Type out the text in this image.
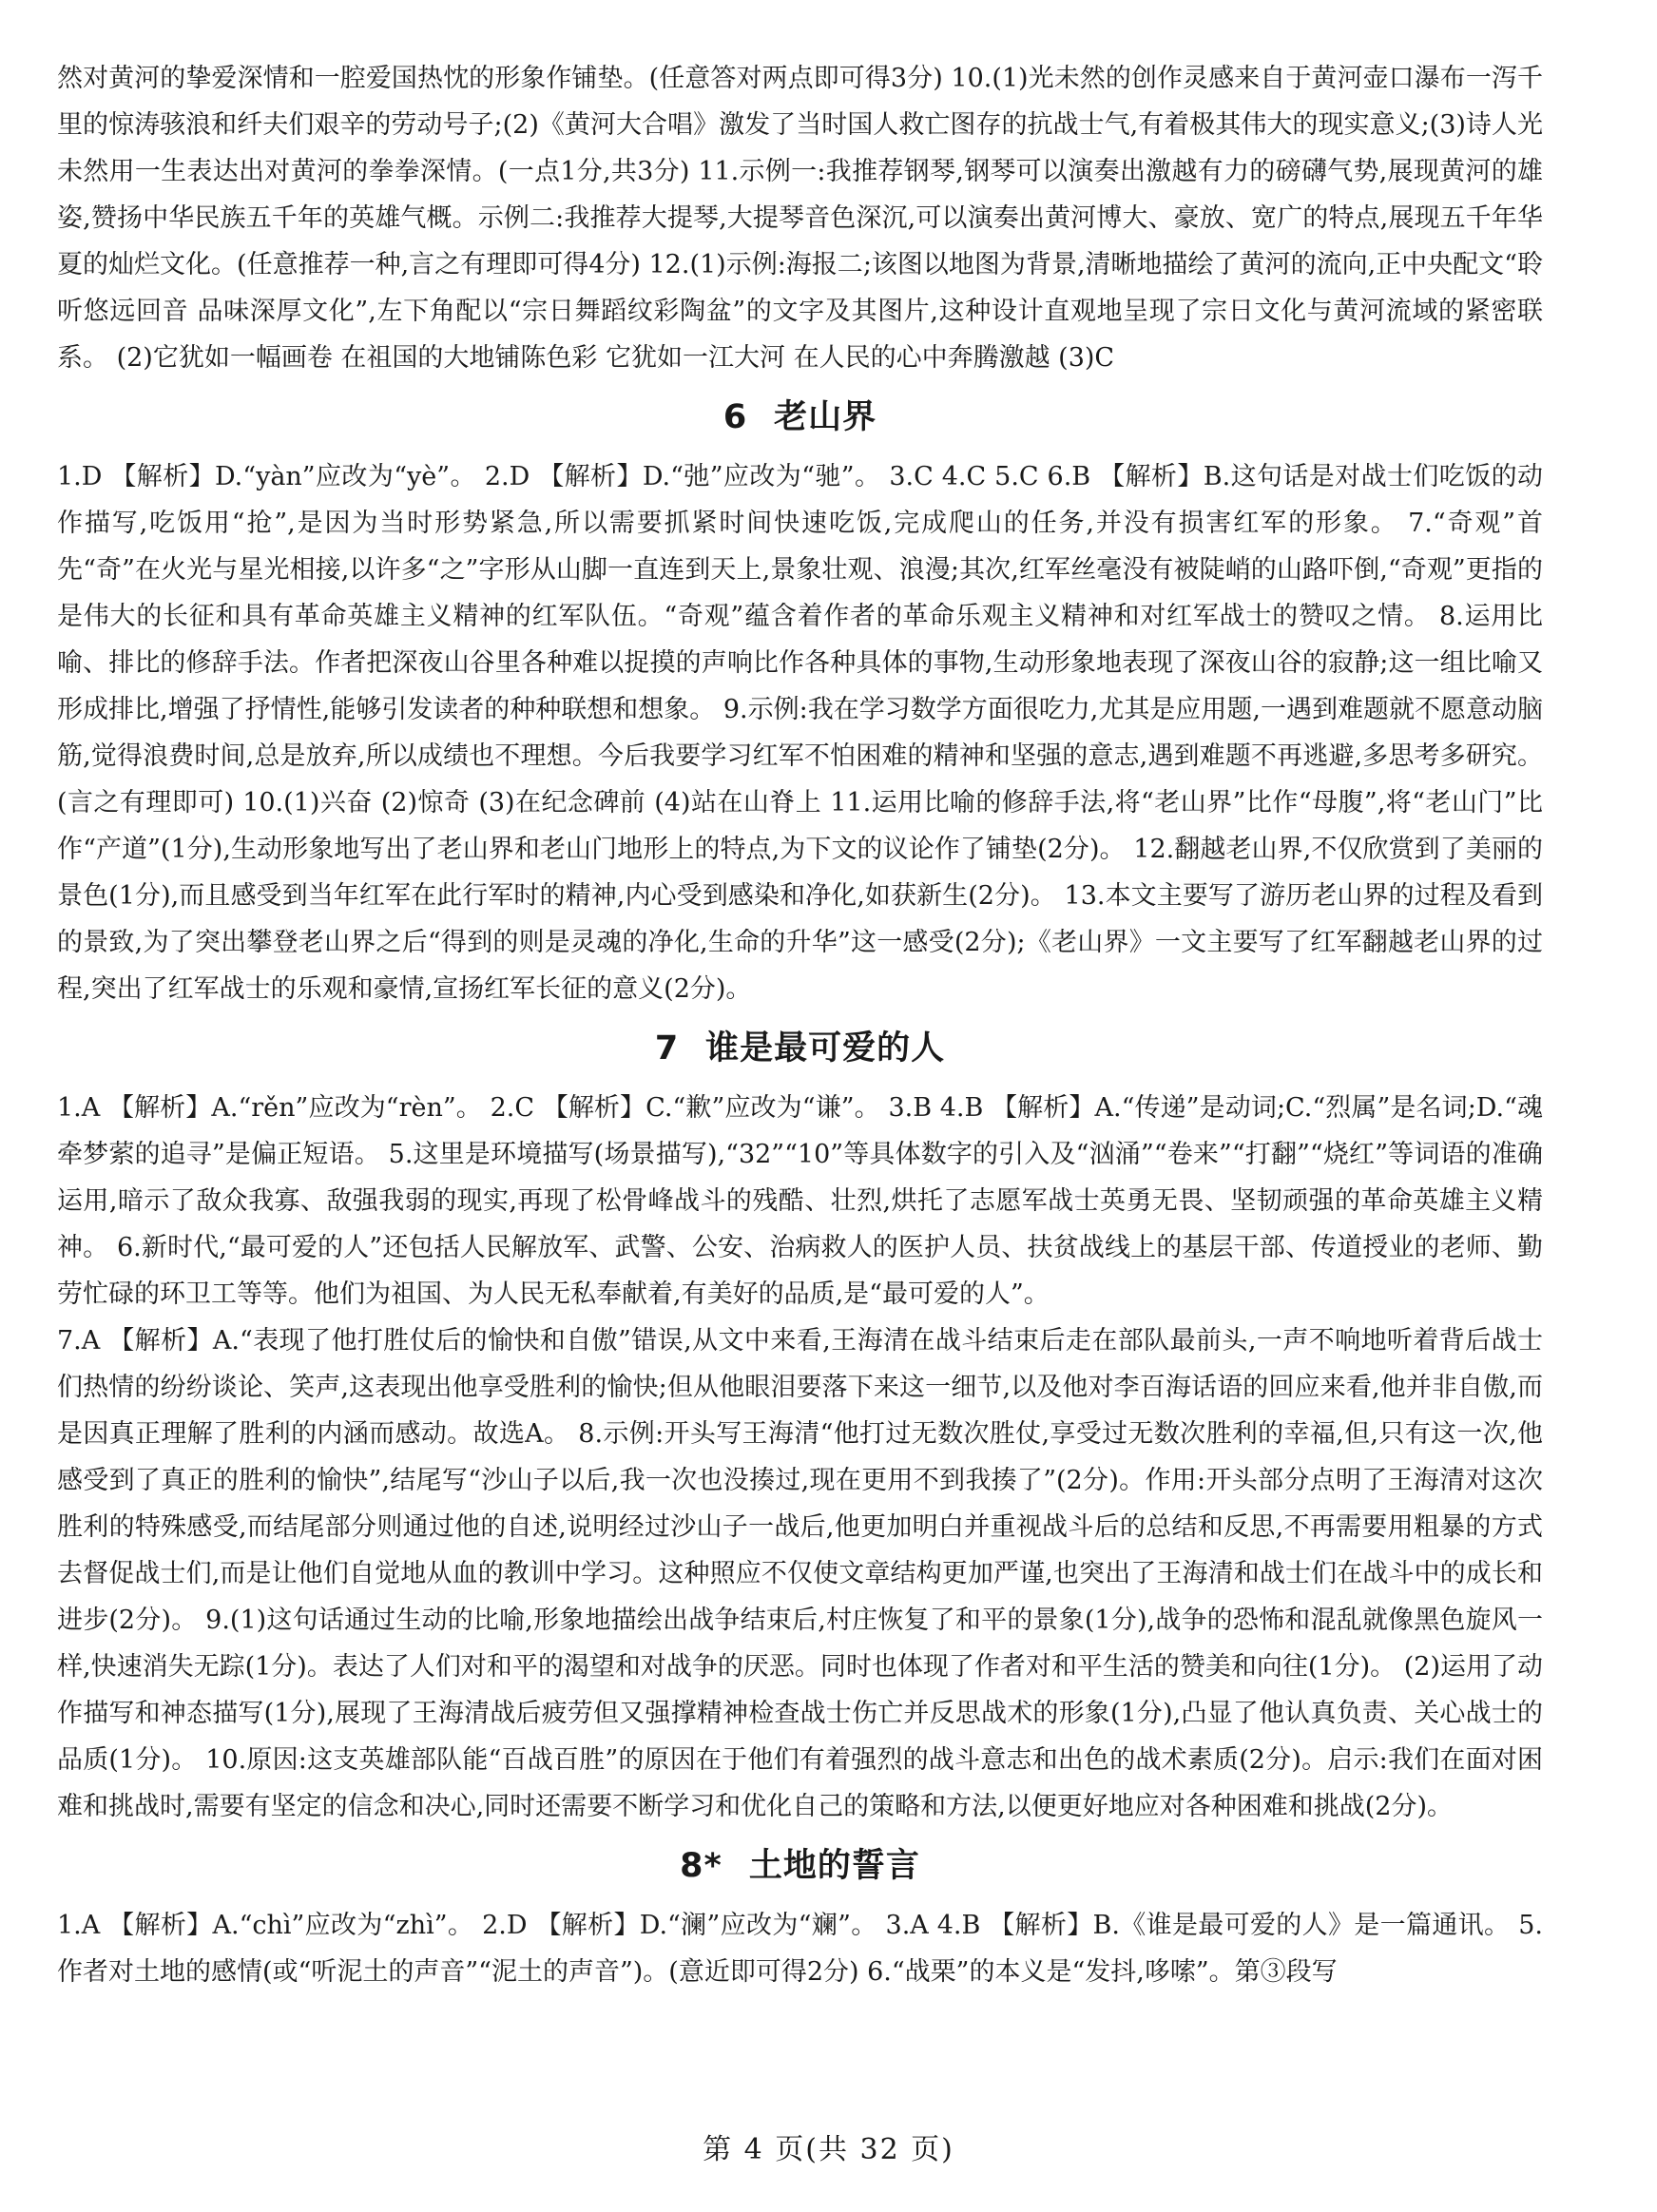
然对黄河的挚爱深情和一腔爱国热忱的形象作铺垫。(任意答对两点即可得3分) 10.(1)光未然的创作灵感来自于黄河壶口瀑布一泻千里的惊涛骇浪和纤夫们艰辛的劳动号子;(2)《黄河大合唱》激发了当时国人救亡图存的抗战士气,有着极其伟大的现实意义;(3)诗人光未然用一生表达出对黄河的拳拳深情。(一点1分,共3分) 11.示例一:我推荐钢琴,钢琴可以演奏出激越有力的磅礴气势,展现黄河的雄姿,赞扬中华民族五千年的英雄气概。示例二:我推荐大提琴,大提琴音色深沉,可以演奏出黄河博大、豪放、宽广的特点,展现五千年华夏的灿烂文化。(任意推荐一种,言之有理即可得4分) 12.(1)示例:海报二;该图以地图为背景,清晰地描绘了黄河的流向,正中央配文“聆听悠远回音 品味深厚文化”,左下角配以“宗日舞蹈纹彩陶盆”的文字及其图片,这种设计直观地呈现了宗日文化与黄河流域的紧密联系。 (2)它犹如一幅画卷 在祖国的大地铺陈色彩 它犹如一江大河 在人民的心中奔腾激越 (3)C

6 老山界

1.D 【解析】D.“yàn”应改为“yè”。 2.D 【解析】D.“弛”应改为“驰”。 3.C 4.C 5.C 6.B 【解析】B.这句话是对战士们吃饭的动作描写,吃饭用“抢”,是因为当时形势紧急,所以需要抓紧时间快速吃饭,完成爬山的任务,并没有损害红军的形象。 7.“奇观”首先“奇”在火光与星光相接,以许多“之”字形从山脚一直连到天上,景象壮观、浪漫;其次,红军丝毫没有被陡峭的山路吓倒,“奇观”更指的是伟大的长征和具有革命英雄主义精神的红军队伍。“奇观”蕴含着作者的革命乐观主义精神和对红军战士的赞叹之情。 8.运用比喻、排比的修辞手法。作者把深夜山谷里各种难以捉摸的声响比作各种具体的事物,生动形象地表现了深夜山谷的寂静;这一组比喻又形成排比,增强了抒情性,能够引发读者的种种联想和想象。 9.示例:我在学习数学方面很吃力,尤其是应用题,一遇到难题就不愿意动脑筋,觉得浪费时间,总是放弃,所以成绩也不理想。今后我要学习红军不怕困难的精神和坚强的意志,遇到难题不再逃避,多思考多研究。(言之有理即可) 10.(1)兴奋 (2)惊奇 (3)在纪念碑前 (4)站在山脊上 11.运用比喻的修辞手法,将“老山界”比作“母腹”,将“老山门”比作“产道”(1分),生动形象地写出了老山界和老山门地形上的特点,为下文的议论作了铺垫(2分)。 12.翻越老山界,不仅欣赏到了美丽的景色(1分),而且感受到当年红军在此行军时的精神,内心受到感染和净化,如获新生(2分)。 13.本文主要写了游历老山界的过程及看到的景致,为了突出攀登老山界之后“得到的则是灵魂的净化,生命的升华”这一感受(2分);《老山界》一文主要写了红军翻越老山界的过程,突出了红军战士的乐观和豪情,宣扬红军长征的意义(2分)。

7 谁是最可爱的人

1.A 【解析】A.“rěn”应改为“rèn”。 2.C 【解析】C.“歉”应改为“谦”。 3.B 4.B 【解析】A.“传递”是动词;C.“烈属”是名词;D.“魂牵梦萦的追寻”是偏正短语。 5.这里是环境描写(场景描写),“32”“10”等具体数字的引入及“汹涌”“卷来”“打翻”“烧红”等词语的准确运用,暗示了敌众我寡、敌强我弱的现实,再现了松骨峰战斗的残酷、壮烈,烘托了志愿军战士英勇无畏、坚韧顽强的革命英雄主义精神。 6.新时代,“最可爱的人”还包括人民解放军、武警、公安、治病救人的医护人员、扶贫战线上的基层干部、传道授业的老师、勤劳忙碌的环卫工等等。他们为祖国、为人民无私奉献着,有美好的品质,是“最可爱的人”。

7.A 【解析】A.“表现了他打胜仗后的愉快和自傲”错误,从文中来看,王海清在战斗结束后走在部队最前头,一声不响地听着背后战士们热情的纷纷谈论、笑声,这表现出他享受胜利的愉快;但从他眼泪要落下来这一细节,以及他对李百海话语的回应来看,他并非自傲,而是因真正理解了胜利的内涵而感动。故选A。 8.示例:开头写王海清“他打过无数次胜仗,享受过无数次胜利的幸福,但,只有这一次,他感受到了真正的胜利的愉快”,结尾写“沙山子以后,我一次也没揍过,现在更用不到我揍了”(2分)。作用:开头部分点明了王海清对这次胜利的特殊感受,而结尾部分则通过他的自述,说明经过沙山子一战后,他更加明白并重视战斗后的总结和反思,不再需要用粗暴的方式去督促战士们,而是让他们自觉地从血的教训中学习。这种照应不仅使文章结构更加严谨,也突出了王海清和战士们在战斗中的成长和进步(2分)。 9.(1)这句话通过生动的比喻,形象地描绘出战争结束后,村庄恢复了和平的景象(1分),战争的恐怖和混乱就像黑色旋风一样,快速消失无踪(1分)。表达了人们对和平的渴望和对战争的厌恶。同时也体现了作者对和平生活的赞美和向往(1分)。 (2)运用了动作描写和神态描写(1分),展现了王海清战后疲劳但又强撑精神检查战士伤亡并反思战术的形象(1分),凸显了他认真负责、关心战士的品质(1分)。 10.原因:这支英雄部队能“百战百胜”的原因在于他们有着强烈的战斗意志和出色的战术素质(2分)。启示:我们在面对困难和挑战时,需要有坚定的信念和决心,同时还需要不断学习和优化自己的策略和方法,以便更好地应对各种困难和挑战(2分)。

8* 土地的誓言

1.A 【解析】A.“chì”应改为“zhì”。 2.D 【解析】D.“澜”应改为“斓”。 3.A 4.B 【解析】B.《谁是最可爱的人》是一篇通讯。 5.作者对土地的感情(或“听泥土的声音”“泥土的声音”)。(意近即可得2分) 6.“战栗”的本义是“发抖,哆嗦”。第③段写

第 4 页(共 32 页)
